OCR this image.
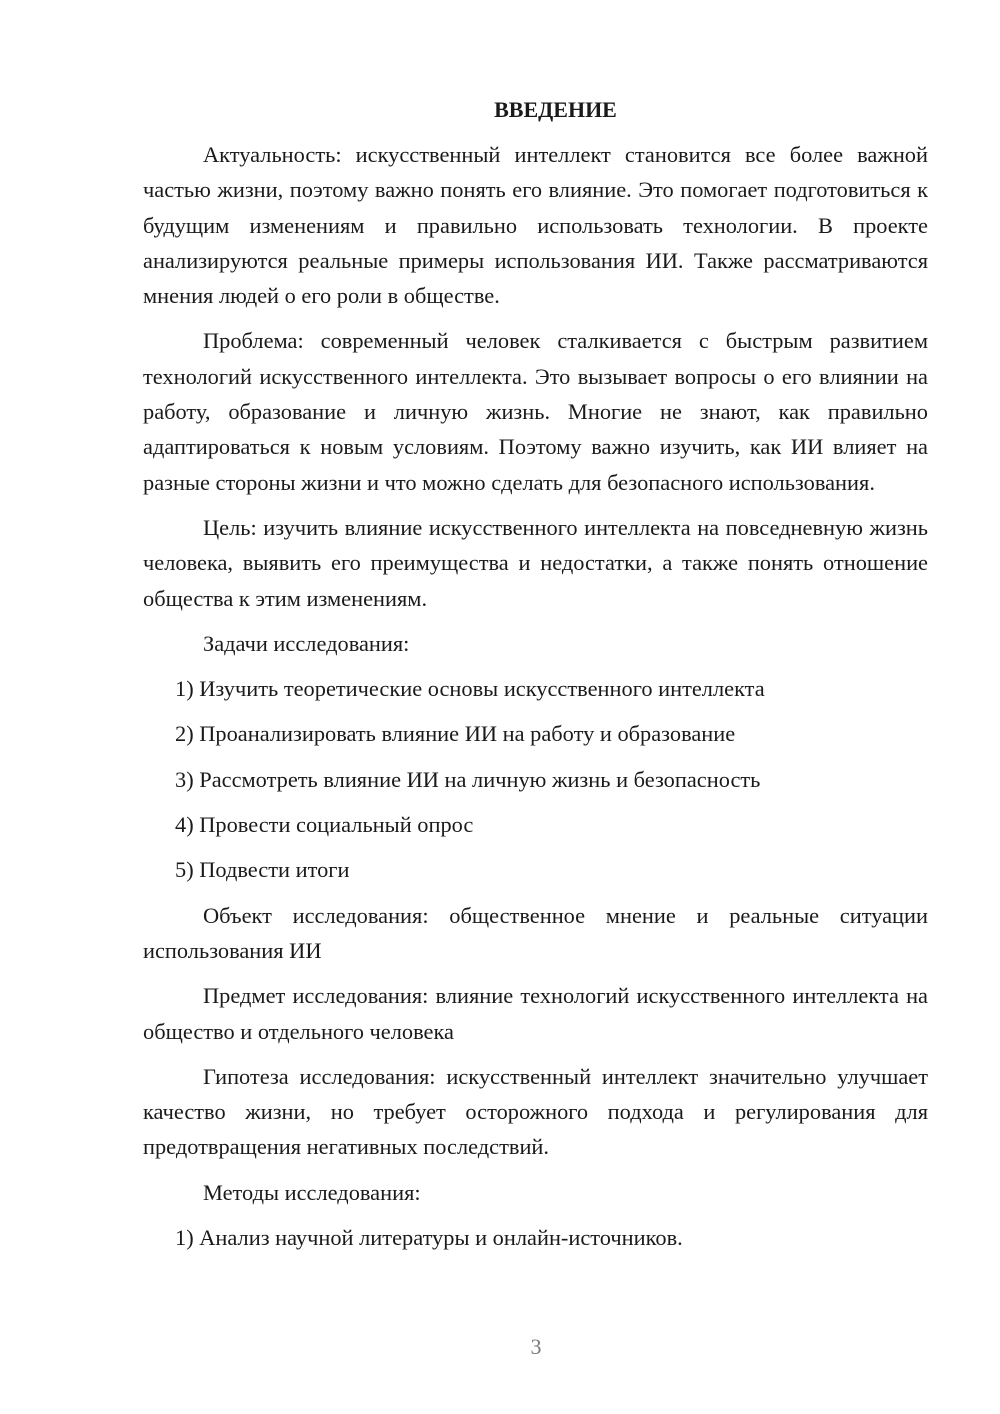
ВВЕДЕНИЕ

Актуальность: искусственный интеллект становится все более важной частью жизни, поэтому важно понять его влияние. Это помогает подготовиться к будущим изменениям и правильно использовать технологии. В проекте анализируются реальные примеры использования ИИ. Также рассматриваются мнения людей о его роли в обществе.

Проблема: современный человек сталкивается с быстрым развитием технологий искусственного интеллекта. Это вызывает вопросы о его влиянии на работу, образование и личную жизнь. Многие не знают, как правильно адаптироваться к новым условиям. Поэтому важно изучить, как ИИ влияет на разные стороны жизни и что можно сделать для безопасного использования.

Цель: изучить влияние искусственного интеллекта на повседневную жизнь человека, выявить его преимущества и недостатки, а также понять отношение общества к этим изменениям.

Задачи исследования:

1) Изучить теоретические основы искусственного интеллекта

2) Проанализировать влияние ИИ на работу и образование

3) Рассмотреть влияние ИИ на личную жизнь и безопасность

4) Провести социальный опрос

5) Подвести итоги

Объект исследования: общественное мнение и реальные ситуации использования ИИ

Предмет исследования: влияние технологий искусственного интеллекта на общество и отдельного человека

Гипотеза исследования: искусственный интеллект значительно улучшает качество жизни, но требует осторожного подхода и регулирования для предотвращения негативных последствий.

Методы исследования:

1) Анализ научной литературы и онлайн-источников.

3
